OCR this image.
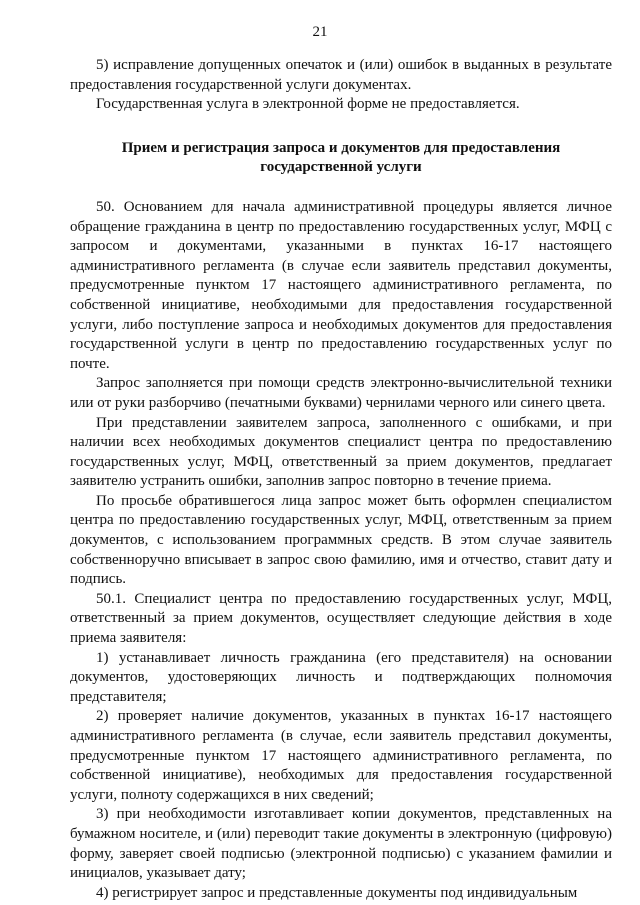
21

5) исправление допущенных опечаток и (или) ошибок в выданных в результате предоставления государственной услуги документах.

Государственная услуга в электронной форме не предоставляется.

Прием и регистрация запроса и документов для предоставления
государственной услуги

50. Основанием для начала административной процедуры является личное обращение гражданина в центр по предоставлению государственных услуг, МФЦ с запросом и документами, указанными в пунктах 16-17 настоящего административного регламента (в случае если заявитель представил документы, предусмотренные пунктом 17 настоящего административного регламента, по собственной инициативе, необходимыми для предоставления государственной услуги, либо поступление запроса и необходимых документов для предоставления государственной услуги в центр по предоставлению государственных услуг по почте.

Запрос заполняется при помощи средств электронно-вычислительной техники или от руки разборчиво (печатными буквами) чернилами черного или синего цвета.

При представлении заявителем запроса, заполненного с ошибками, и при наличии всех необходимых документов специалист центра по предоставлению государственных услуг, МФЦ, ответственный за прием документов, предлагает заявителю устранить ошибки, заполнив запрос повторно в течение приема.

По просьбе обратившегося лица запрос может быть оформлен специалистом центра по предоставлению государственных услуг, МФЦ, ответственным за прием документов, с использованием программных средств. В этом случае заявитель собственноручно вписывает в запрос свою фамилию, имя и отчество, ставит дату и подпись.

50.1. Специалист центра по предоставлению государственных услуг, МФЦ, ответственный за прием документов, осуществляет следующие действия в ходе приема заявителя:

1) устанавливает личность гражданина (его представителя) на основании документов, удостоверяющих личность и подтверждающих полномочия представителя;

2) проверяет наличие документов, указанных в пунктах 16-17 настоящего административного регламента (в случае, если заявитель представил документы, предусмотренные пунктом 17 настоящего административного регламента, по собственной инициативе), необходимых для предоставления государственной услуги, полноту содержащихся в них сведений;

3) при необходимости изготавливает копии документов, представленных на бумажном носителе, и (или) переводит такие документы в электронную (цифровую) форму, заверяет своей подписью (электронной подписью) с указанием фамилии и инициалов, указывает дату;

4) регистрирует запрос и представленные документы под индивидуальным
